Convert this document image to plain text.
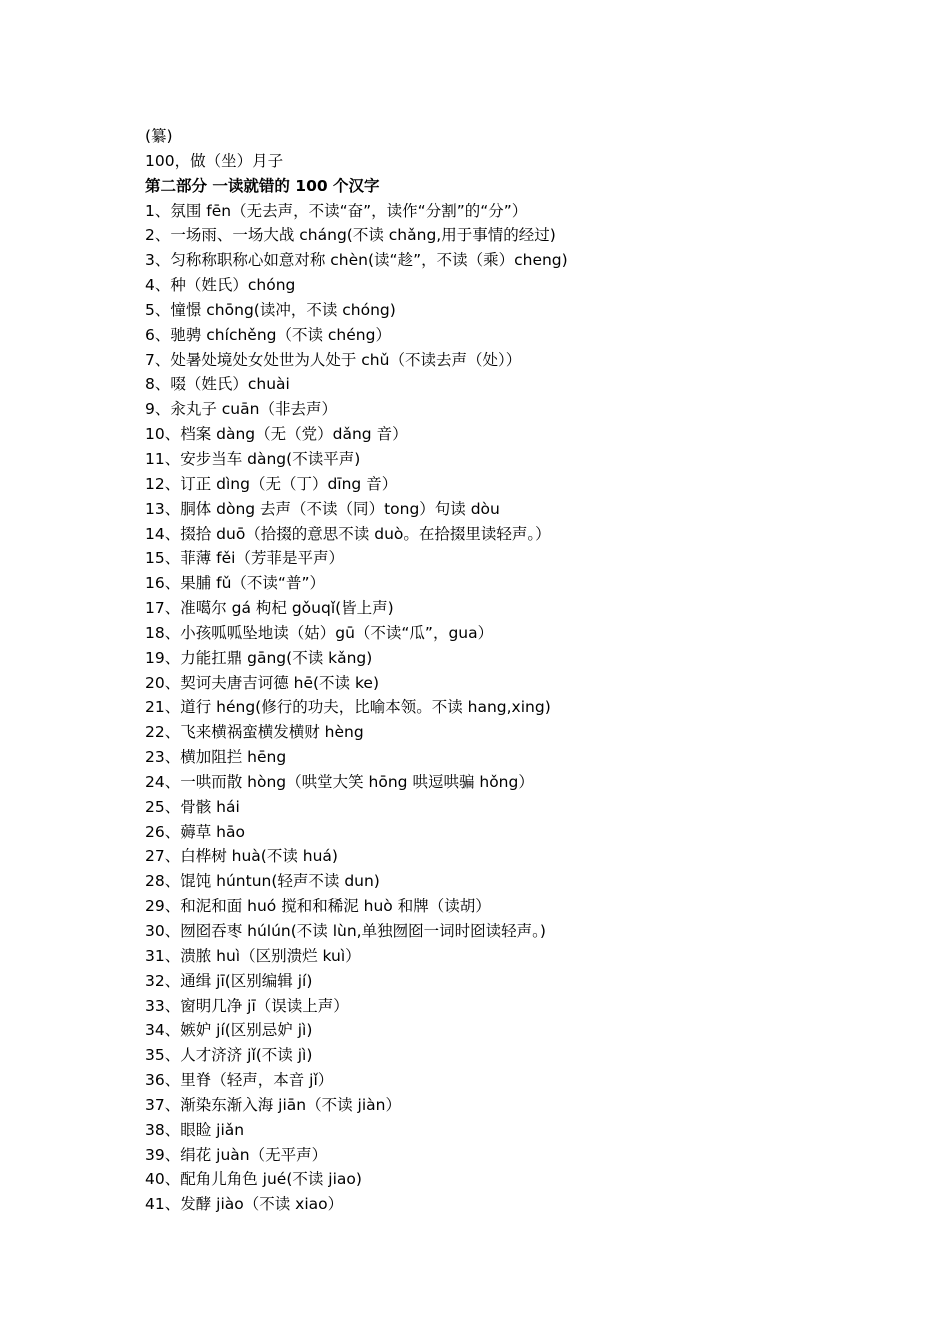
(纂)
100，做（坐）月子
第二部分 一读就错的 100 个汉字
1、氛围 fēn（无去声，不读“奋”，读作“分割”的“分”）
2、一场雨、一场大战 cháng(不读 chǎng,用于事情的经过)
3、匀称称职称心如意对称 chèn(读“趁”，不读（乘）cheng)
4、种（姓氏）chóng
5、憧憬 chōng(读冲，不读 chóng)
6、驰骋 chíchěng（不读 chéng）
7、处暑处境处女处世为人处于 chǔ（不读去声（处））
8、啜（姓氏）chuài
9、汆丸子 cuān（非去声）
10、档案 dàng（无（党）dǎng 音）
11、安步当车 dàng(不读平声)
12、订正 dìng（无（丁）dīng 音）
13、胴体 dòng 去声（不读（同）tong）句读 dòu
14、掇拾 duō（拾掇的意思不读 duò。在拾掇里读轻声。）
15、菲薄 fěi（芳菲是平声）
16、果脯 fǔ（不读“普”）
17、准噶尔 gá 枸杞 gǒuqǐ(皆上声)
18、小孩呱呱坠地读（姑）gū（不读“瓜”，gua）
19、力能扛鼎 gāng(不读 kǎng)
20、契诃夫唐吉诃德 hē(不读 ke)
21、道行 héng(修行的功夫，比喻本领。不读 hang,xing)
22、飞来横祸蛮横发横财 hèng
23、横加阻拦 hēng
24、一哄而散 hòng（哄堂大笑 hōng 哄逗哄骗 hǒng）
25、骨骸 hái
26、薅草 hāo
27、白桦树 huà(不读 huá)
28、馄饨 húntun(轻声不读 dun)
29、和泥和面 huó 搅和和稀泥 huò 和牌（读胡）
30、囫囵吞枣 húlún(不读 lùn,单独囫囵一词时囵读轻声。)
31、溃脓 huì（区别溃烂 kuì）
32、通缉 jī(区别编辑 jí)
33、窗明几净 jī（误读上声）
34、嫉妒 jí(区别忌妒 jì)
35、人才济济 jǐ(不读 jì)
36、里脊（轻声，本音 jǐ）
37、渐染东渐入海 jiān（不读 jiàn）
38、眼睑 jiǎn
39、绢花 juàn（无平声）
40、配角儿角色 jué(不读 jiao)
41、发酵 jiào（不读 xiao）
